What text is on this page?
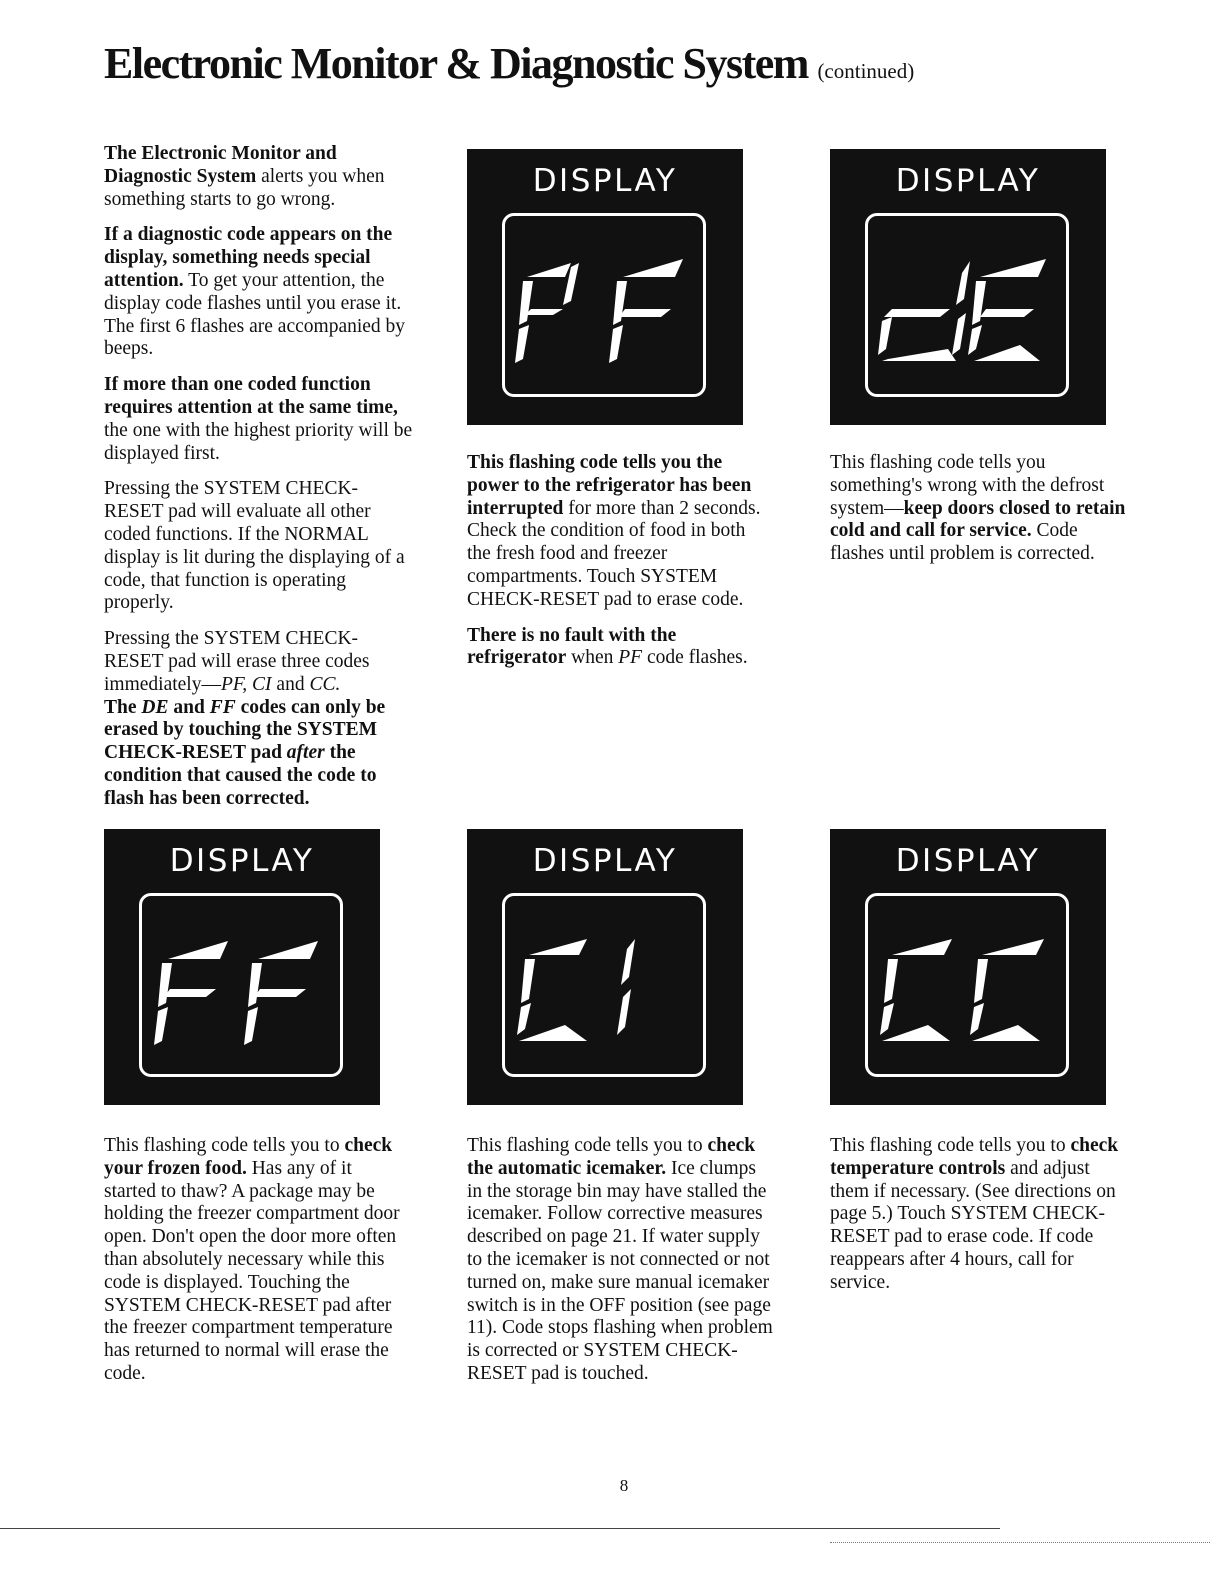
Electronic Monitor & Diagnostic System (continued)

The Electronic Monitor and Diagnostic System alerts you when something starts to go wrong.

If a diagnostic code appears on the display, something needs special attention. To get your attention, the display code flashes until you erase it. The first 6 flashes are accompanied by beeps.

If more than one coded function requires attention at the same time, the one with the highest priority will be displayed first.

Pressing the SYSTEM CHECK-RESET pad will evaluate all other coded functions. If the NORMAL display is lit during the displaying of a code, that function is operating properly.

Pressing the SYSTEM CHECK-RESET pad will erase three codes immediately—PF, CI and CC.

The DE and FF codes can only be erased by touching the SYSTEM CHECK-RESET pad after the condition that caused the code to flash has been corrected.

DISPLAY	DISPLAY

This flashing code tells you the power to the refrigerator has been interrupted for more than 2 seconds. Check the condition of food in both the fresh food and freezer compartments. Touch SYSTEM CHECK-RESET pad to erase code.

There is no fault with the refrigerator when PF code flashes.

This flashing code tells you something's wrong with the defrost system—keep doors closed to retain cold and call for service. Code flashes until problem is corrected.

DISPLAY	DISPLAY	DISPLAY

This flashing code tells you to check your frozen food. Has any of it started to thaw? A package may be holding the freezer compartment door open. Don't open the door more often than absolutely necessary while this code is displayed. Touching the SYSTEM CHECK-RESET pad after the freezer compartment temperature has returned to normal will erase the code.

This flashing code tells you to check the automatic icemaker. Ice clumps in the storage bin may have stalled the icemaker. Follow corrective measures described on page 21. If water supply to the icemaker is not connected or not turned on, make sure manual icemaker switch is in the OFF position (see page 11). Code stops flashing when problem is corrected or SYSTEM CHECK-RESET pad is touched.

This flashing code tells you to check temperature controls and adjust them if necessary. (See directions on page 5.) Touch SYSTEM CHECK-RESET pad to erase code. If code reappears after 4 hours, call for service.

8
